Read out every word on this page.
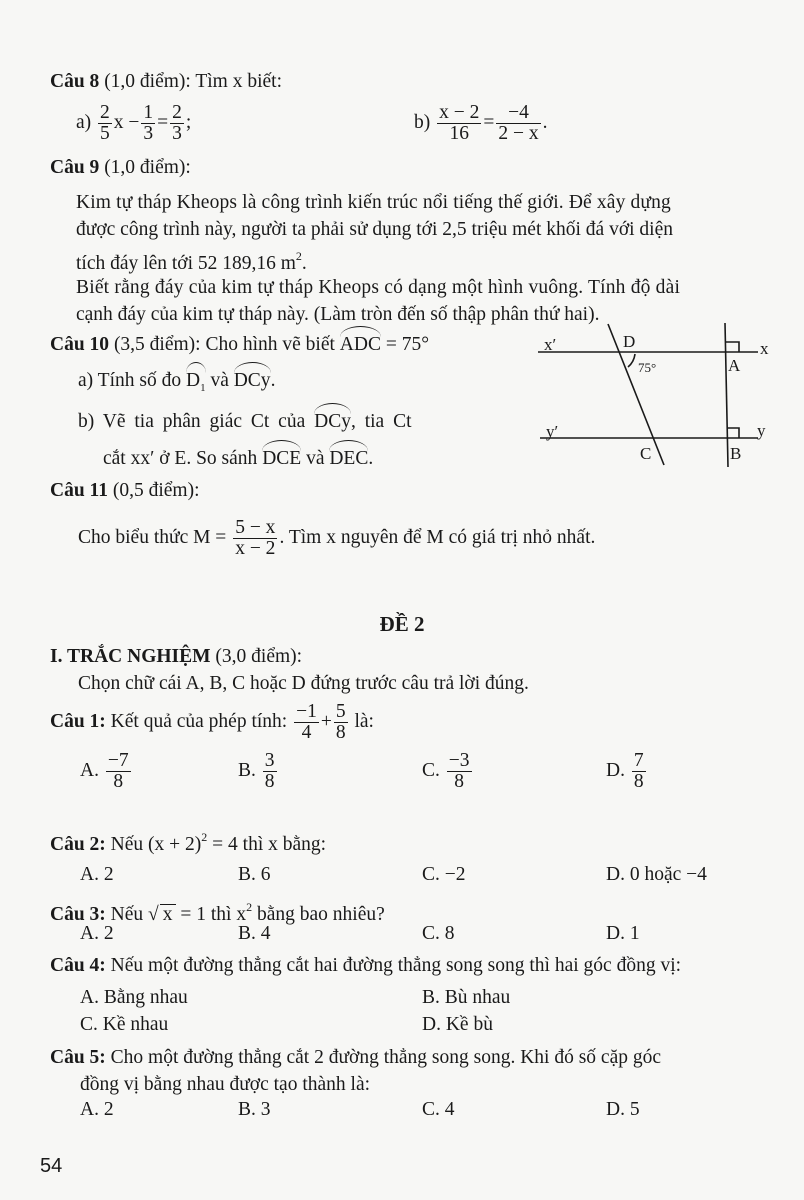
Câu 8 (1,0 điểm): Tìm x biết:
$a) \frac{2}{5}$ $x - \frac{1}{3} = \frac{2}{3}$ ;	$b) \frac{x - 2}{16} = \frac{-4}{2 - x}$ .
Câu 9 (1,0 điểm):
Kim tự tháp Kheops là công trình kiến trúc nổi tiếng thế giới. Để xây dựng
được công trình này, người ta phải sử dụng tới 2,5 triệu mét khối đá với diện
tích đáy lên tới 52 189,16 $m^2$.
Biết rằng đáy của kim tự tháp Kheops có dạng một hình vuông. Tính độ dài
cạnh đáy của kim tự tháp này. (Làm tròn đến số thập phân thứ hai).
Câu 10 (3,5 điểm): Cho hình vẽ biết ADC = 75°
a) Tính số đo $D_1$ và DCy.
b) Vẽ tia phân giác Ct của DCy, tia Ct
cắt xx′ ở E. So sánh DCE và DEC.
x′	x
y′	y
D
A
C	B
75°
Câu 11 (0,5 điểm):
Cho biểu thức $M = \frac{5 - x}{x - 2}$ . Tìm x nguyên để M có giá trị nhỏ nhất.
ĐỀ 2
I. TRẮC NGHIỆM (3,0 điểm):
Chọn chữ cái A, B, C hoặc D đứng trước câu trả lời đúng.
Câu 1: Kết quả của phép tính: $\frac{-1}{4} + \frac{5}{8}$ là:
A. $\frac{-7}{8}$	B. $\frac{3}{8}$	C. $\frac{-3}{8}$	D. $\frac{7}{8}$
Câu 2: Nếu $(x + 2)^2 = 4$ thì x bằng:
A. 2	B. 6	C. −2	D. 0 hoặc −4
Câu 3: Nếu √ x = 1 thì $x^2$ bằng bao nhiêu?
A. 2	B. 4	C. 8	D. 1
Câu 4: Nếu một đường thẳng cắt hai đường thẳng song song thì hai góc đồng vị:
A. Bằng nhau	B. Bù nhau
C. Kề nhau	D. Kề bù
Câu 5: Cho một đường thẳng cắt 2 đường thẳng song song. Khi đó số cặp góc
đồng vị bằng nhau được tạo thành là:
A. 2	B. 3	C. 4	D. 5
54
